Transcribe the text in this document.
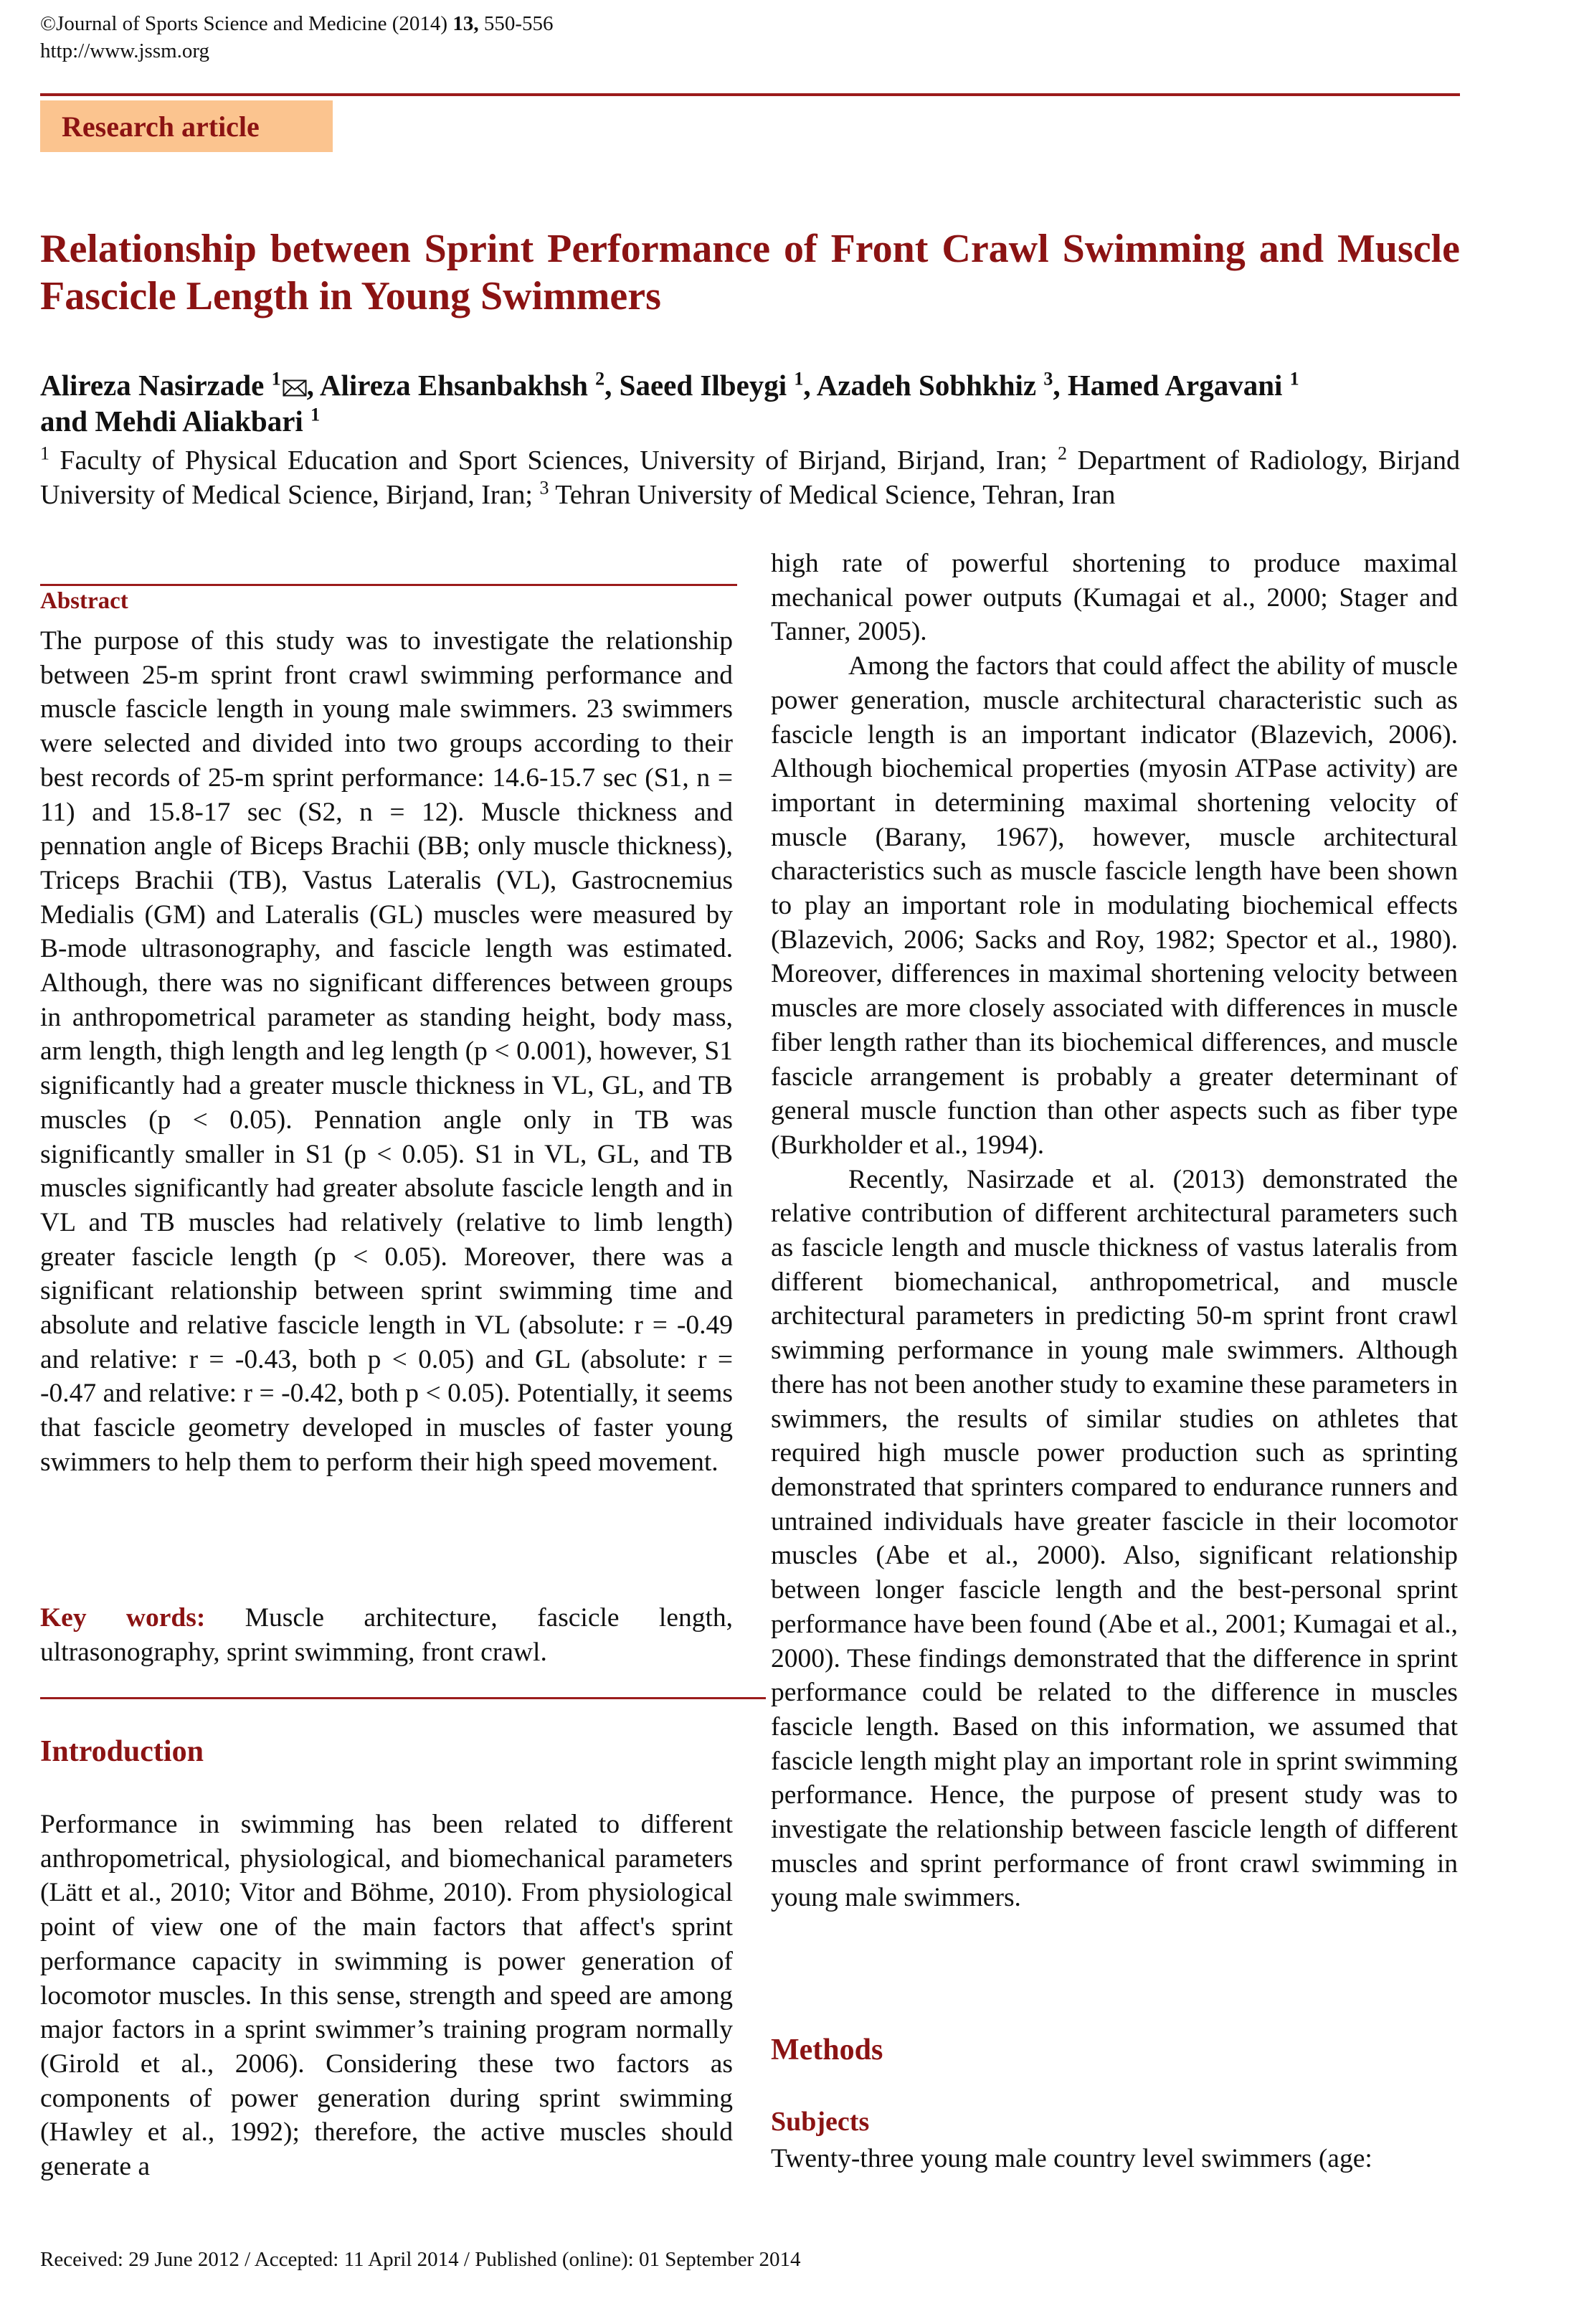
©Journal of Sports Science and Medicine (2014) 13, 550-556
http://www.jssm.org
Research article
Relationship between Sprint Performance of Front Crawl Swimming and Muscle Fascicle Length in Young Swimmers
Alireza Nasirzade $^1$ , Alireza Ehsanbakhsh $^2$, Saeed Ilbeygi $^1$, Azadeh Sobhkhiz $^3$, Hamed Argavani $^1$
and Mehdi Aliakbari $^1$
$^1$ Faculty of Physical Education and Sport Sciences, University of Birjand, Birjand, Iran; $^2$ Department of Radiology, Birjand University of Medical Science, Birjand, Iran; $^3$ Tehran University of Medical Science, Tehran, Iran
Abstract

The purpose of this study was to investigate the relationship between 25-m sprint front crawl swimming performance and muscle fascicle length in young male swimmers. 23 swimmers were selected and divided into two groups according to their best records of 25-m sprint performance: 14.6-15.7 sec (S1, n = 11) and 15.8-17 sec (S2, n = 12). Muscle thickness and pennation angle of Biceps Brachii (BB; only muscle thickness), Triceps Brachii (TB), Vastus Lateralis (VL), Gastrocnemius Medialis (GM) and Lateralis (GL) muscles were measured by B-mode ultrasonography, and fascicle length was estimated. Although, there was no significant differences between groups in anthropometrical parameter as standing height, body mass, arm length, thigh length and leg length (p < 0.001), however, S1 significantly had a greater muscle thickness in VL, GL, and TB muscles (p < 0.05). Pennation angle only in TB was significantly smaller in S1 (p < 0.05). S1 in VL, GL, and TB muscles significantly had greater absolute fascicle length and in VL and TB muscles had relatively (relative to limb length) greater fascicle length (p < 0.05). Moreover, there was a significant relationship between sprint swimming time and absolute and relative fascicle length in VL (absolute: r = -0.49 and relative: r = -0.43, both p < 0.05) and GL (absolute: r = -0.47 and relative: r = -0.42, both p < 0.05). Potentially, it seems that fascicle geometry developed in muscles of faster young swimmers to help them to perform their high speed movement.

Key words: Muscle architecture, fascicle length, ultrasonography, sprint swimming, front crawl.
Introduction

Performance in swimming has been related to different anthropometrical, physiological, and biomechanical parameters (Lätt et al., 2010; Vitor and Böhme, 2010). From physiological point of view one of the main factors that affect's sprint performance capacity in swimming is power generation of locomotor muscles. In this sense, strength and speed are among major factors in a sprint swimmer’s training program normally (Girold et al., 2006). Considering these two factors as components of power generation during sprint swimming (Hawley et al., 1992); therefore, the active muscles should generate a

high rate of powerful shortening to produce maximal mechanical power outputs (Kumagai et al., 2000; Stager and Tanner, 2005).

Among the factors that could affect the ability of muscle power generation, muscle architectural characteristic such as fascicle length is an important indicator (Blazevich, 2006). Although biochemical properties (myosin ATPase activity) are important in determining maximal shortening velocity of muscle (Barany, 1967), however, muscle architectural characteristics such as muscle fascicle length have been shown to play an important role in modulating biochemical effects (Blazevich, 2006; Sacks and Roy, 1982; Spector et al., 1980). Moreover, differences in maximal shortening velocity between muscles are more closely associated with differences in muscle fiber length rather than its biochemical differences, and muscle fascicle arrangement is probably a greater determinant of general muscle function than other aspects such as fiber type (Burkholder et al., 1994).

Recently, Nasirzade et al. (2013) demonstrated the relative contribution of different architectural parameters such as fascicle length and muscle thickness of vastus lateralis from different biomechanical, anthropometrical, and muscle architectural parameters in predicting 50-m sprint front crawl swimming performance in young male swimmers. Although there has not been another study to examine these parameters in swimmers, the results of similar studies on athletes that required high muscle power production such as sprinting demonstrated that sprinters compared to endurance runners and untrained individuals have greater fascicle in their locomotor muscles (Abe et al., 2000). Also, significant relationship between longer fascicle length and the best-personal sprint performance have been found (Abe et al., 2001; Kumagai et al., 2000). These findings demonstrated that the difference in sprint performance could be related to the difference in muscles fascicle length. Based on this information, we assumed that fascicle length might play an important role in sprint swimming performance. Hence, the purpose of present study was to investigate the relationship between fascicle length of different muscles and sprint performance of front crawl swimming in young male swimmers.

Methods
Subjects

Twenty-three young male country level swimmers (age:

Received: 29 June 2012 / Accepted: 11 April 2014 / Published (online): 01 September 2014
